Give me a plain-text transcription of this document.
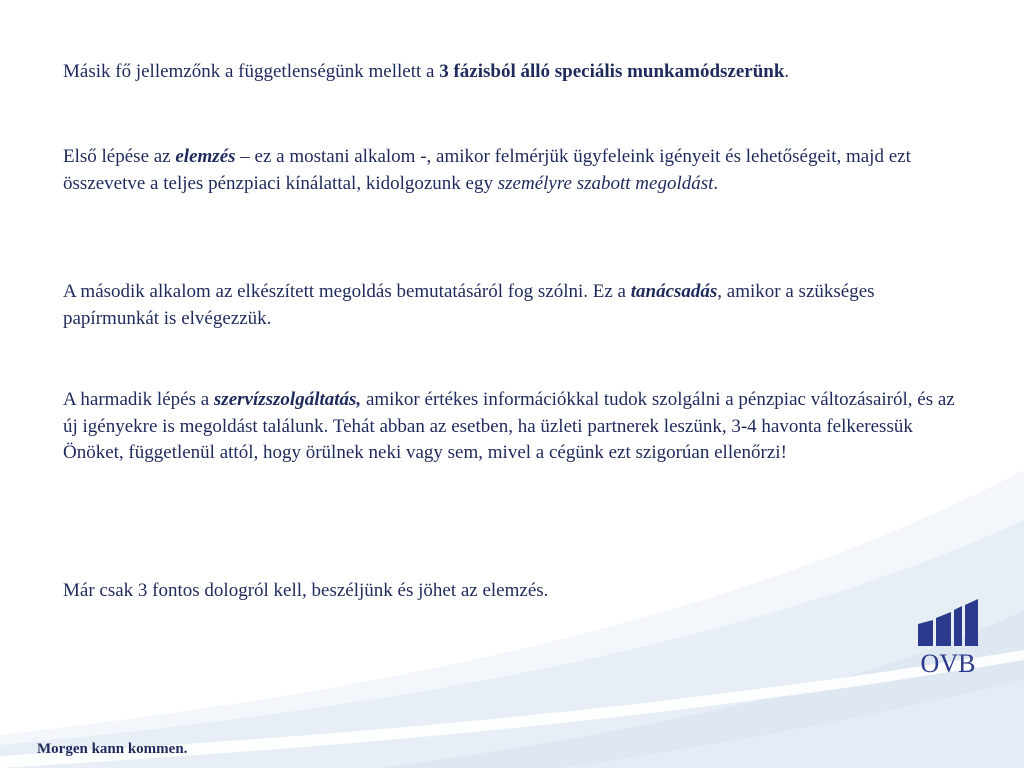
Másik fő jellemzőnk a függetlenségünk mellett a 3 fázisból álló speciális munkamódszerünk.

Első lépése az elemzés – ez a mostani alkalom -, amikor felmérjük ügyfeleink igényeit és lehetőségeit, majd ezt összevetve a teljes pénzpiaci kínálattal, kidolgozunk egy személyre szabott megoldást.

A második alkalom az elkészített megoldás bemutatásáról fog szólni. Ez a tanácsadás, amikor a szükséges papírmunkát is elvégezzük.

A harmadik lépés a szervízszolgáltatás, amikor értékes információkkal tudok szolgálni a pénzpiac változásairól, és az új igényekre is megoldást találunk. Tehát abban az esetben, ha üzleti partnerek leszünk, 3-4 havonta felkeressük Önöket, függetlenül attól, hogy örülnek neki vagy sem, mivel a cégünk ezt szigorúan ellenőrzi!

Már csak 3 fontos dologról kell, beszéljünk és jöhet az elemzés.

OVB
Morgen kann kommen.
